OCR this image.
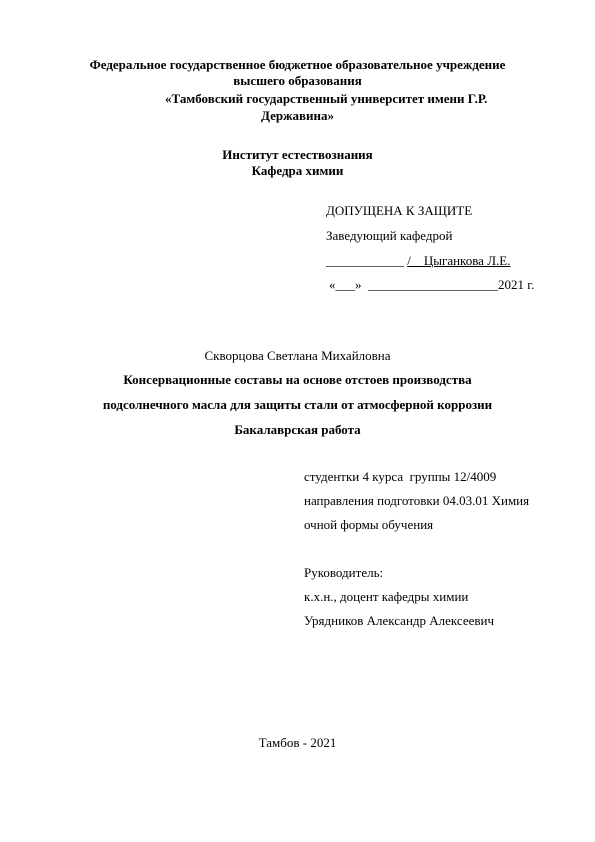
Федеральное государственное бюджетное образовательное учреждение
высшего образования
«Тамбовский государственный университет имени Г.Р.
Державина»
Институт естествознания
Кафедра химии
ДОПУЩЕНА К ЗАЩИТЕ
Заведующий кафедрой
____________ /    Цыганкова Л.Е.
«___» ____________________2021 г.
Скворцова Светлана Михайловна
Консервационные составы на основе отстоев производства
подсолнечного масла для защиты стали от атмосферной коррозии
Бакалаврская работа
студентки 4 курса  группы 12/4009
направления подготовки 04.03.01 Химия
очной формы обучения
Руководитель:
к.х.н., доцент кафедры химии
Урядников Александр Алексеевич
Тамбов - 2021
